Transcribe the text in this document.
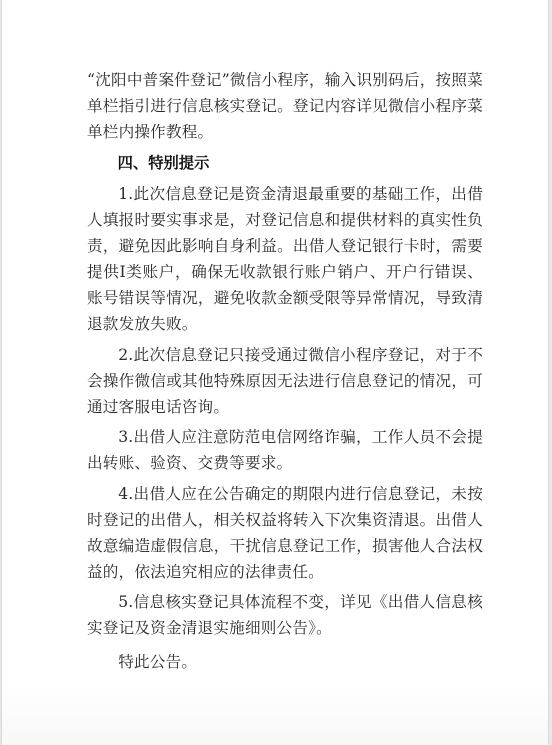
“沈阳中普案件登记”微信小程序，输入识别码后，按照菜单栏指引进行信息核实登记。登记内容详见微信小程序菜单栏内操作教程。

四、特别提示

1.此次信息登记是资金清退最重要的基础工作，出借人填报时要实事求是，对登记信息和提供材料的真实性负责，避免因此影响自身利益。出借人登记银行卡时，需要提供Ⅰ类账户，确保无收款银行账户销户、开户行错误、账号错误等情况，避免收款金额受限等异常情况，导致清退款发放失败。

2.此次信息登记只接受通过微信小程序登记，对于不会操作微信或其他特殊原因无法进行信息登记的情况，可通过客服电话咨询。

3.出借人应注意防范电信网络诈骗，工作人员不会提出转账、验资、交费等要求。

4.出借人应在公告确定的期限内进行信息登记，未按时登记的出借人，相关权益将转入下次集资清退。出借人故意编造虚假信息，干扰信息登记工作，损害他人合法权益的，依法追究相应的法律责任。

5.信息核实登记具体流程不变，详见《出借人信息核实登记及资金清退实施细则公告》。

特此公告。
